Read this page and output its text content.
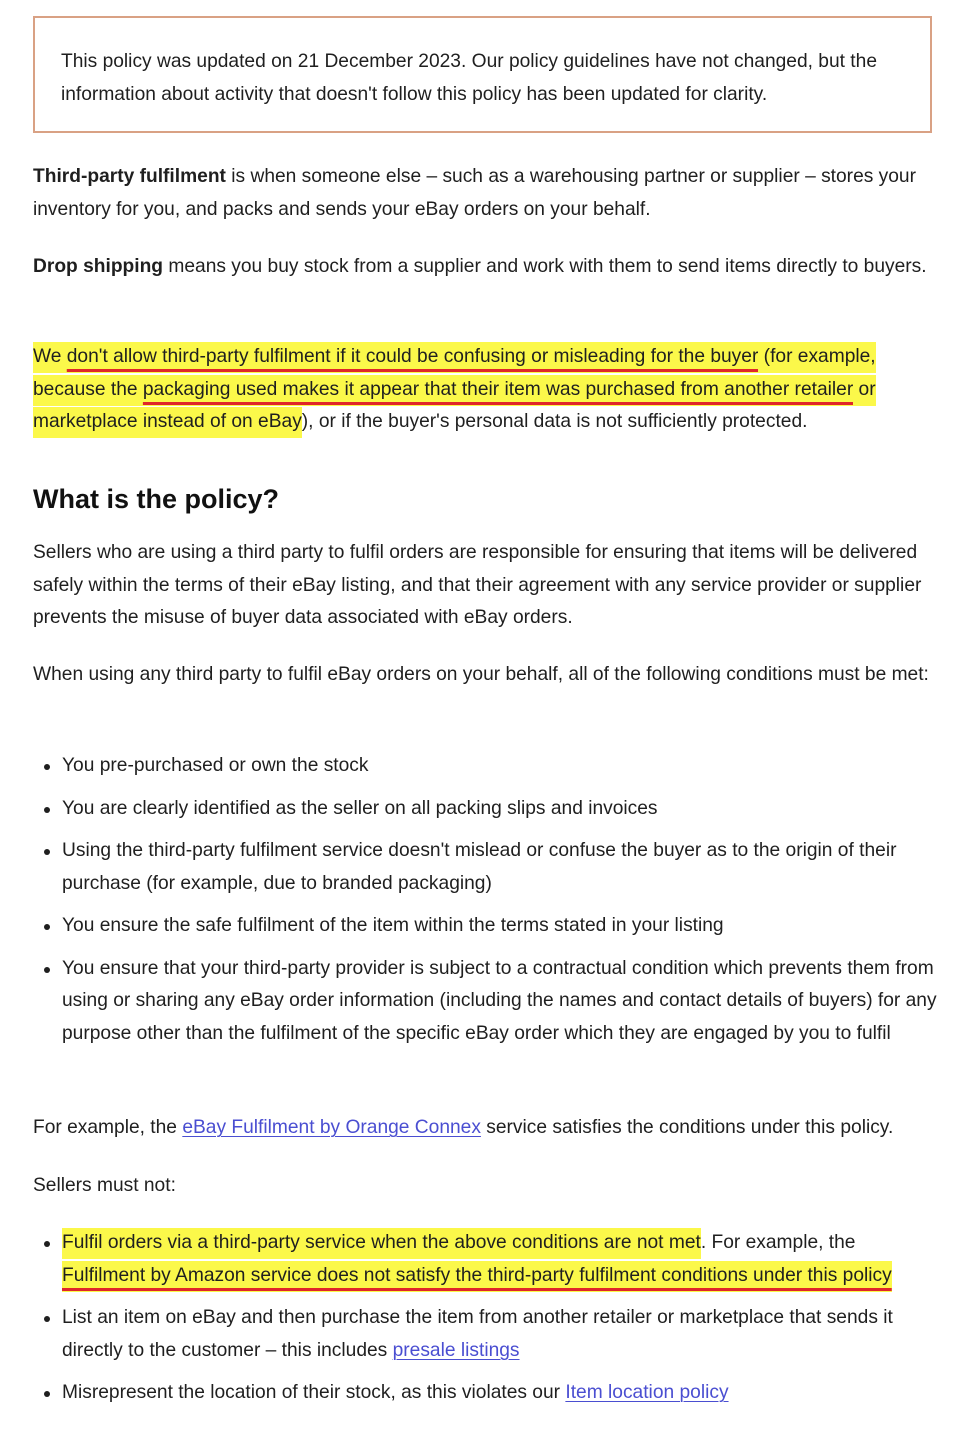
This policy was updated on 21 December 2023. Our policy guidelines have not changed, but the information about activity that doesn't follow this policy has been updated for clarity.

Third-party fulfilment is when someone else – such as a warehousing partner or supplier – stores your inventory for you, and packs and sends your eBay orders on your behalf.

Drop shipping means you buy stock from a supplier and work with them to send items directly to buyers.

We don't allow third-party fulfilment if it could be confusing or misleading for the buyer (for example, because the packaging used makes it appear that their item was purchased from another retailer or marketplace instead of on eBay), or if the buyer's personal data is not sufficiently protected.

What is the policy?

Sellers who are using a third party to fulfil orders are responsible for ensuring that items will be delivered safely within the terms of their eBay listing, and that their agreement with any service provider or supplier prevents the misuse of buyer data associated with eBay orders.

When using any third party to fulfil eBay orders on your behalf, all of the following conditions must be met:

You pre-purchased or own the stock
You are clearly identified as the seller on all packing slips and invoices
Using the third-party fulfilment service doesn't mislead or confuse the buyer as to the origin of their purchase (for example, due to branded packaging)
You ensure the safe fulfilment of the item within the terms stated in your listing
You ensure that your third-party provider is subject to a contractual condition which prevents them from using or sharing any eBay order information (including the names and contact details of buyers) for any purpose other than the fulfilment of the specific eBay order which they are engaged by you to fulfil

For example, the eBay Fulfilment by Orange Connex service satisfies the conditions under this policy.

Sellers must not:

Fulfil orders via a third-party service when the above conditions are not met. For example, the Fulfilment by Amazon service does not satisfy the third-party fulfilment conditions under this policy
List an item on eBay and then purchase the item from another retailer or marketplace that sends it directly to the customer – this includes presale listings
Misrepresent the location of their stock, as this violates our Item location policy
